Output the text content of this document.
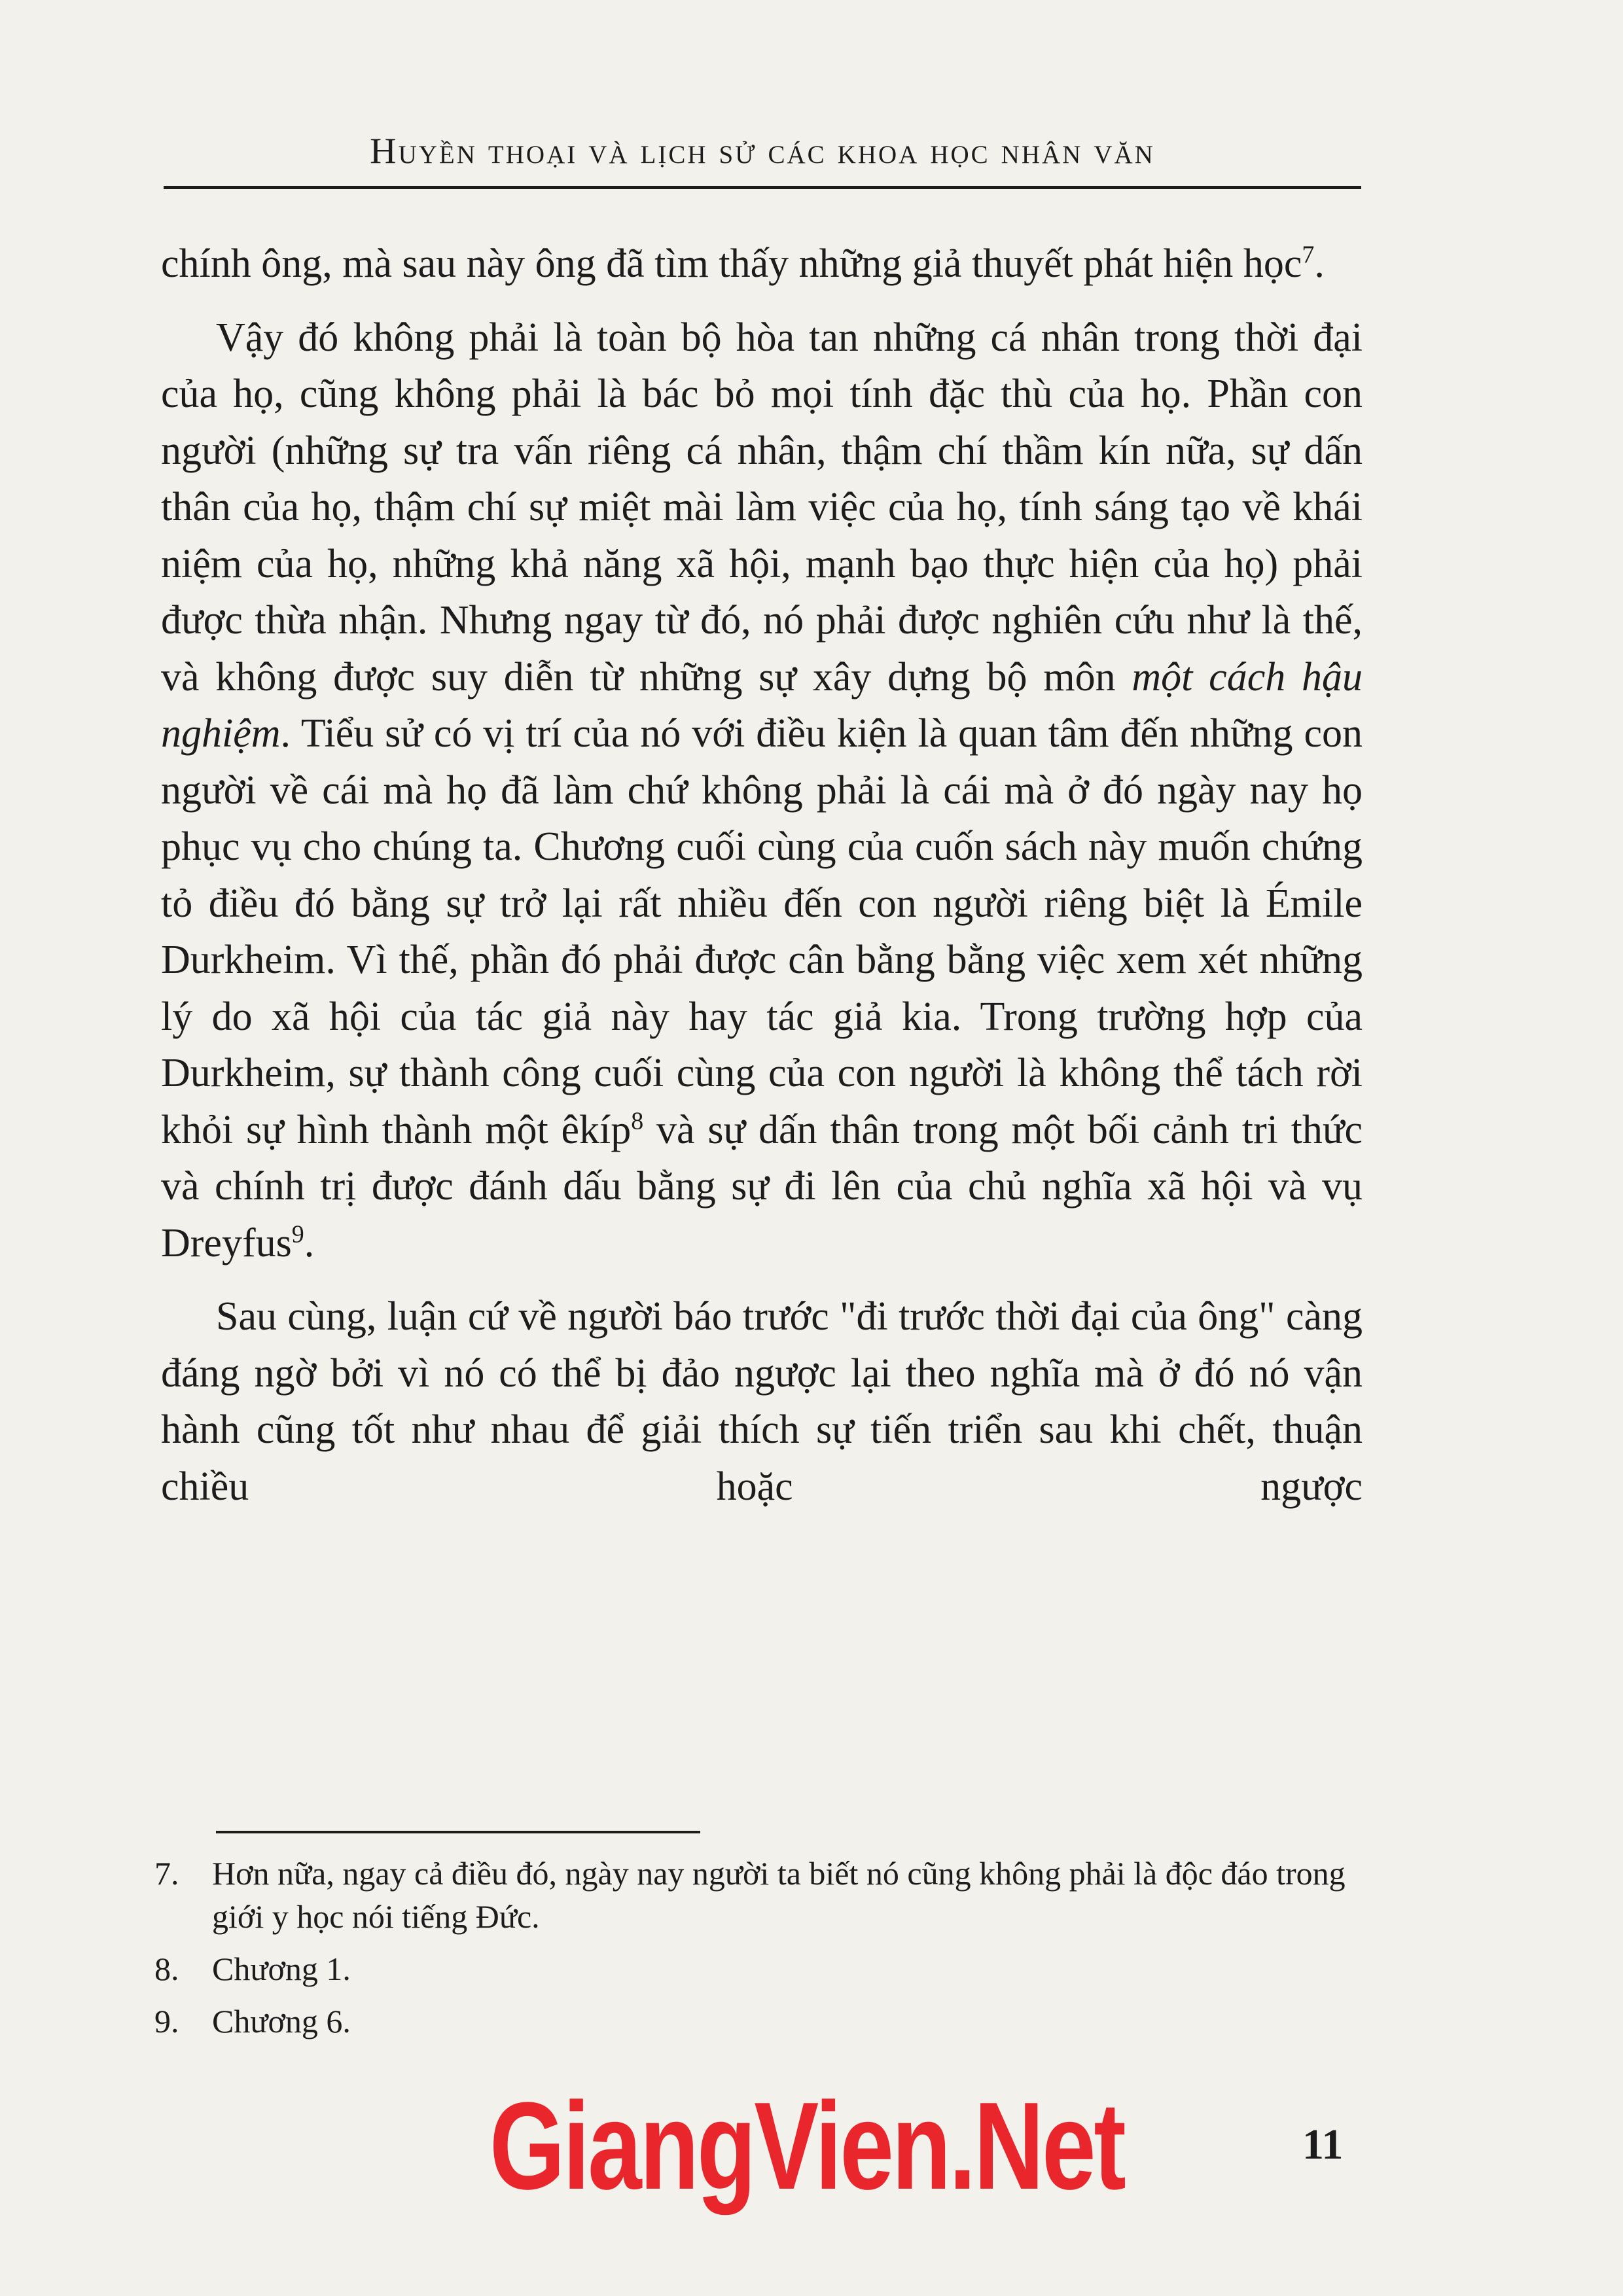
Huyền thoại và lịch sử các khoa học nhân văn

chính ông, mà sau này ông đã tìm thấy những giả thuyết phát hiện học$^7$.

Vậy đó không phải là toàn bộ hòa tan những cá nhân trong thời đại của họ, cũng không phải là bác bỏ mọi tính đặc thù của họ. Phần con người (những sự tra vấn riêng cá nhân, thậm chí thầm kín nữa, sự dấn thân của họ, thậm chí sự miệt mài làm việc của họ, tính sáng tạo về khái niệm của họ, những khả năng xã hội, mạnh bạo thực hiện của họ) phải được thừa nhận. Nhưng ngay từ đó, nó phải được nghiên cứu như là thế, và không được suy diễn từ những sự xây dựng bộ môn một cách hậu nghiệm. Tiểu sử có vị trí của nó với điều kiện là quan tâm đến những con người về cái mà họ đã làm chứ không phải là cái mà ở đó ngày nay họ phục vụ cho chúng ta. Chương cuối cùng của cuốn sách này muốn chứng tỏ điều đó bằng sự trở lại rất nhiều đến con người riêng biệt là Émile Durkheim. Vì thế, phần đó phải được cân bằng bằng việc xem xét những lý do xã hội của tác giả này hay tác giả kia. Trong trường hợp của Durkheim, sự thành công cuối cùng của con người là không thể tách rời khỏi sự hình thành một êkíp$^8$ và sự dấn thân trong một bối cảnh tri thức và chính trị được đánh dấu bằng sự đi lên của chủ nghĩa xã hội và vụ Dreyfus$^9$.

Sau cùng, luận cứ về người báo trước "đi trước thời đại của ông" càng đáng ngờ bởi vì nó có thể bị đảo ngược lại theo nghĩa mà ở đó nó vận hành cũng tốt như nhau để giải thích sự tiến triển sau khi chết, thuận chiều hoặc ngược

7.	Hơn nữa, ngay cả điều đó, ngày nay người ta biết nó cũng không phải là độc đáo trong giới y học nói tiếng Đức.
8.	Chương 1.
9.	Chương 6.
GiangVien.Net	11
